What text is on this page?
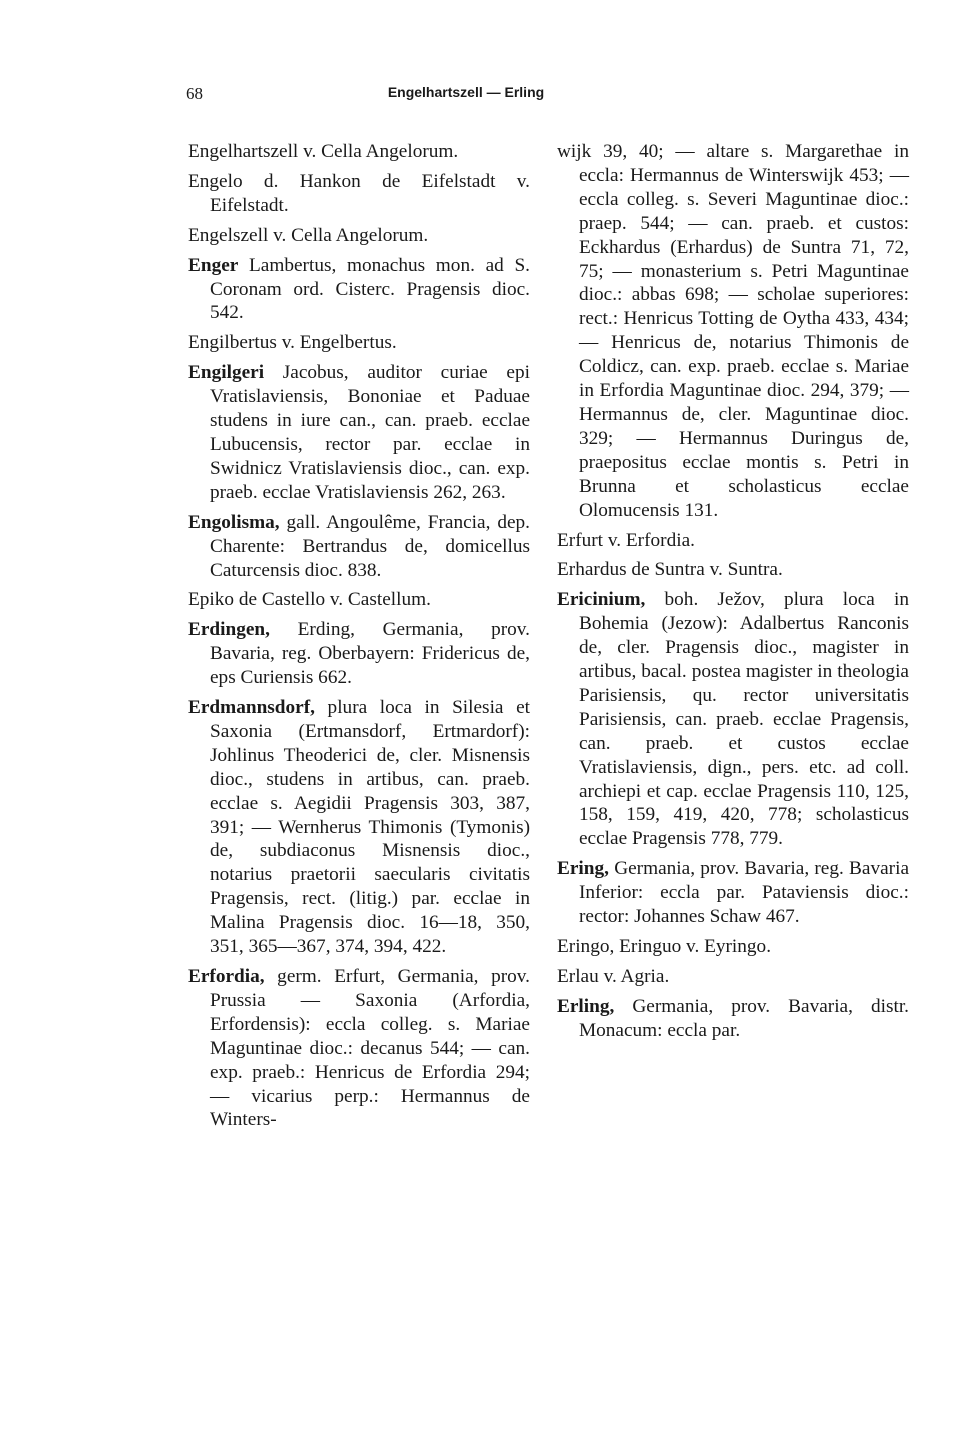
68	Engelhartszell — Erling

Engelhartszell v. Cella Angelorum.

Engelo d. Hankon de Eifelstadt v. Eifelstadt.

Engelszell v. Cella Angelorum.

Enger Lambertus, monachus mon. ad S. Coronam ord. Cisterc. Pragensis dioc. 542.

Engilbertus v. Engelbertus.

Engilgeri Jacobus, auditor curiae epi Vratislaviensis, Bononiae et Paduae studens in iure can., can. praeb. ecclae Lubucensis, rector par. ecclae in Swidnicz Vratislaviensis dioc., can. exp. praeb. ecclae Vratislaviensis 262, 263.

Engolisma, gall. Angoulême, Francia, dep. Charente: Bertrandus de, domicellus Caturcensis dioc. 838.

Epiko de Castello v. Castellum.

Erdingen, Erding, Germania, prov. Bavaria, reg. Oberbayern: Fridericus de, eps Curiensis 662.

Erdmannsdorf, plura loca in Silesia et Saxonia (Ertmansdorf, Ertmardorf): Johlinus Theoderici de, cler. Misnensis dioc., studens in artibus, can. praeb. ecclae s. Aegidii Pragensis 303, 387, 391; — Wernherus Thimonis (Tymonis) de, subdiaconus Misnensis dioc., notarius praetorii saecularis civitatis Pragensis, rect. (litig.) par. ecclae in Malina Pragensis dioc. 16—18, 350, 351, 365—367, 374, 394, 422.

Erfordia, germ. Erfurt, Germania, prov. Prussia — Saxonia (Arfordia, Erfordensis): eccla colleg. s. Mariae Maguntinae dioc.: decanus 544; — can. exp. praeb.: Henricus de Erfordia 294; — vicarius perp.: Hermannus de Winters-

wijk 39, 40; — altare s. Margarethae in eccla: Hermannus de Winterswijk 453; — eccla colleg. s. Severi Maguntinae dioc.: praep. 544; — can. praeb. et custos: Eckhardus (Erhardus) de Suntra 71, 72, 75; — monasterium s. Petri Maguntinae dioc.: abbas 698; — scholae superiores: rect.: Henricus Totting de Oytha 433, 434; — Henricus de, notarius Thimonis de Coldicz, can. exp. praeb. ecclae s. Mariae in Erfordia Maguntinae dioc. 294, 379; — Hermannus de, cler. Maguntinae dioc. 329; — Hermannus Duringus de, praepositus ecclae montis s. Petri in Brunna et scholasticus ecclae Olomucensis 131.

Erfurt v. Erfordia.

Erhardus de Suntra v. Suntra.

Ericinium, boh. Ježov, plura loca in Bohemia (Jezow): Adalbertus Ranconis de, cler. Pragensis dioc., magister in artibus, bacal. postea magister in theologia Parisiensis, qu. rector universitatis Parisiensis, can. praeb. ecclae Pragensis, can. praeb. et custos ecclae Vratislaviensis, dign., pers. etc. ad coll. archiepi et cap. ecclae Pragensis 110, 125, 158, 159, 419, 420, 778; scholasticus ecclae Pragensis 778, 779.

Ering, Germania, prov. Bavaria, reg. Bavaria Inferior: eccla par. Pataviensis dioc.: rector: Johannes Schaw 467.

Eringo, Eringuo v. Eyringo.

Erlau v. Agria.

Erling, Germania, prov. Bavaria, distr. Monacum: eccla par.
